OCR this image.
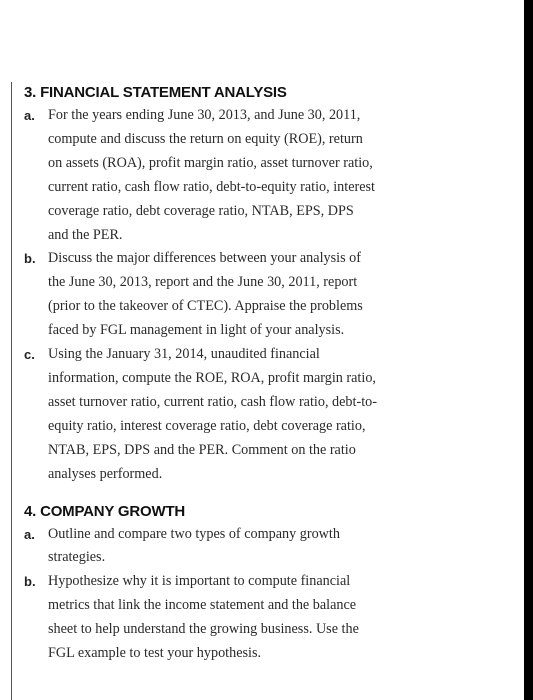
3. FINANCIAL STATEMENT ANALYSIS
a. For the years ending June 30, 2013, and June 30, 2011,
compute and discuss the return on equity (ROE), return
on assets (ROA), profit margin ratio, asset turnover ratio,
current ratio, cash flow ratio, debt-to-equity ratio, interest
coverage ratio, debt coverage ratio, NTAB, EPS, DPS
and the PER.
b. Discuss the major differences between your analysis of
the June 30, 2013, report and the June 30, 2011, report
(prior to the takeover of CTEC). Appraise the problems
faced by FGL management in light of your analysis.
c. Using the January 31, 2014, unaudited financial
information, compute the ROE, ROA, profit margin ratio,
asset turnover ratio, current ratio, cash flow ratio, debt-to-
equity ratio, interest coverage ratio, debt coverage ratio,
NTAB, EPS, DPS and the PER. Comment on the ratio
analyses performed.
4. COMPANY GROWTH
a. Outline and compare two types of company growth
strategies.
b. Hypothesize why it is important to compute financial
metrics that link the income statement and the balance
sheet to help understand the growing business. Use the
FGL example to test your hypothesis.
